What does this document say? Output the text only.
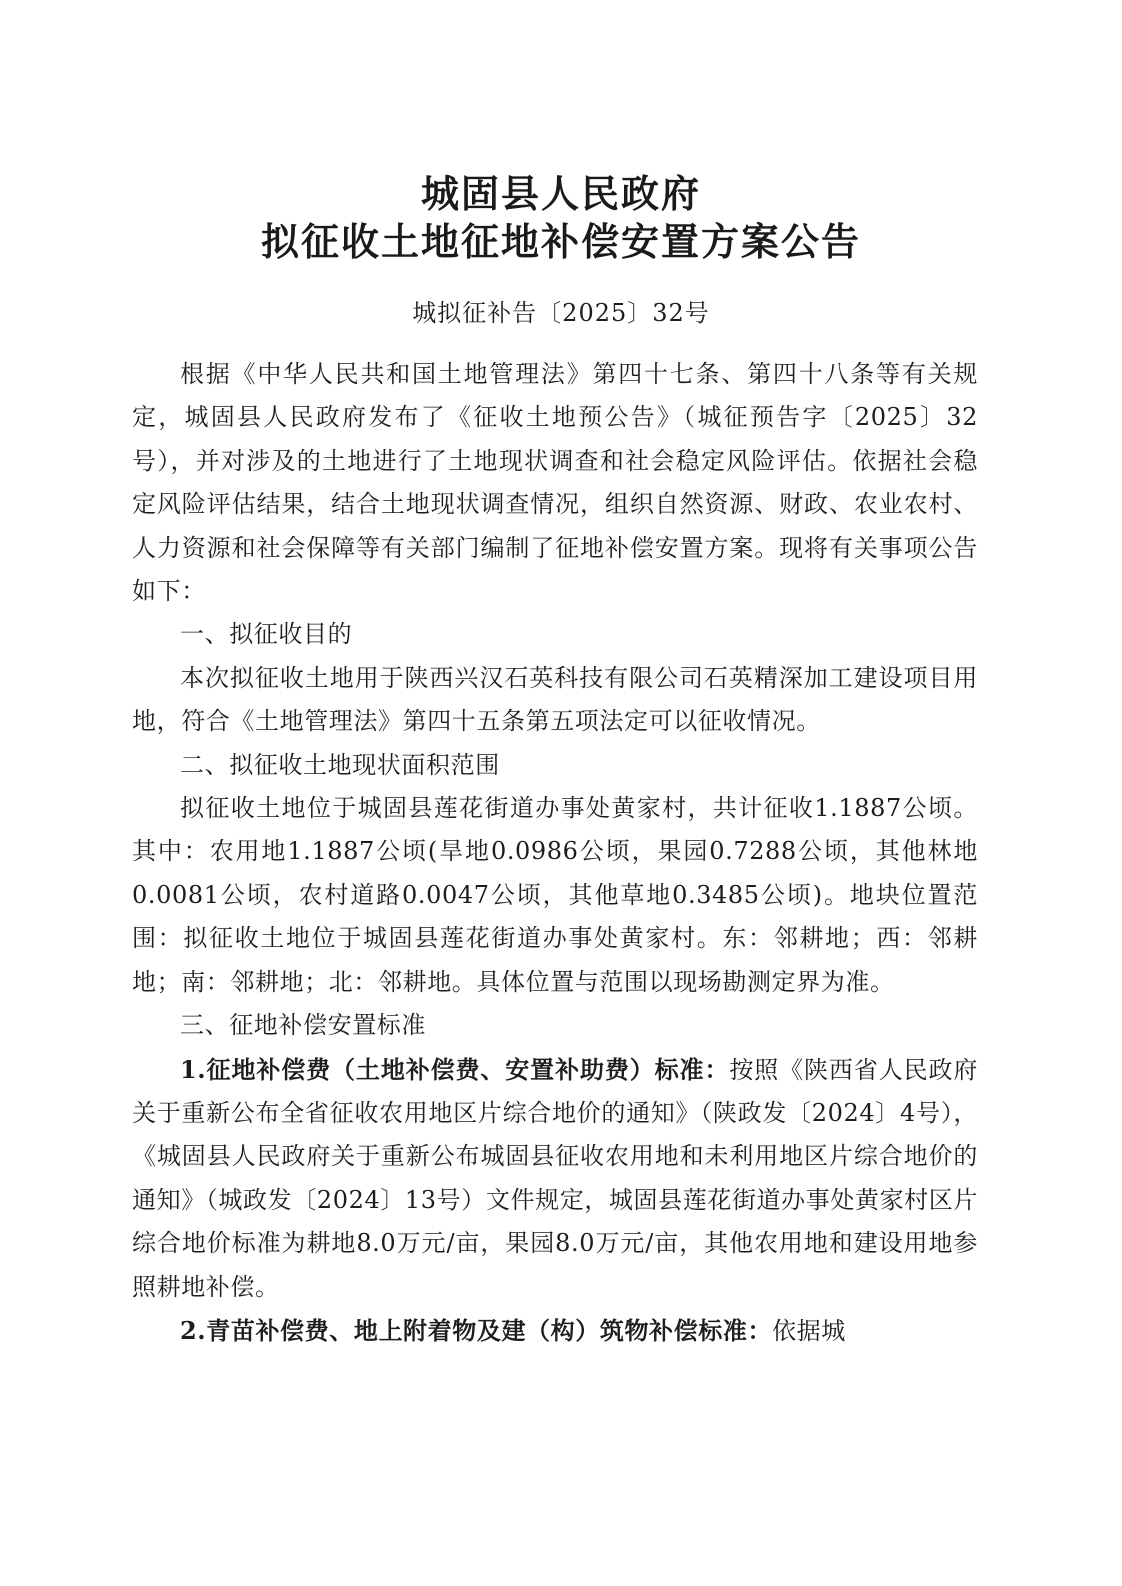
城固县人民政府
拟征收土地征地补偿安置方案公告
城拟征补告〔2025〕32号

根据《中华人民共和国土地管理法》第四十七条、第四十八条等有关规定，城固县人民政府发布了《征收土地预公告》（城征预告字〔2025〕32号），并对涉及的土地进行了土地现状调查和社会稳定风险评估。依据社会稳定风险评估结果，结合土地现状调查情况，组织自然资源、财政、农业农村、人力资源和社会保障等有关部门编制了征地补偿安置方案。现将有关事项公告如下：

一、拟征收目的

本次拟征收土地用于陕西兴汉石英科技有限公司石英精深加工建设项目用地，符合《土地管理法》第四十五条第五项法定可以征收情况。

二、拟征收土地现状面积范围

拟征收土地位于城固县莲花街道办事处黄家村，共计征收1.1887公顷。其中：农用地1.1887公顷(旱地0.0986公顷，果园0.7288公顷，其他林地0.0081公顷，农村道路0.0047公顷，其他草地0.3485公顷)。地块位置范围：拟征收土地位于城固县莲花街道办事处黄家村。东：邻耕地；西：邻耕地；南：邻耕地；北：邻耕地。具体位置与范围以现场勘测定界为准。

三、征地补偿安置标准

1.征地补偿费（土地补偿费、安置补助费）标准：按照《陕西省人民政府关于重新公布全省征收农用地区片综合地价的通知》（陕政发〔2024〕4号），《城固县人民政府关于重新公布城固县征收农用地和未利用地区片综合地价的通知》（城政发〔2024〕13号）文件规定，城固县莲花街道办事处黄家村区片综合地价标准为耕地8.0万元/亩，果园8.0万元/亩，其他农用地和建设用地参照耕地补偿。

2.青苗补偿费、地上附着物及建（构）筑物补偿标准：依据城
